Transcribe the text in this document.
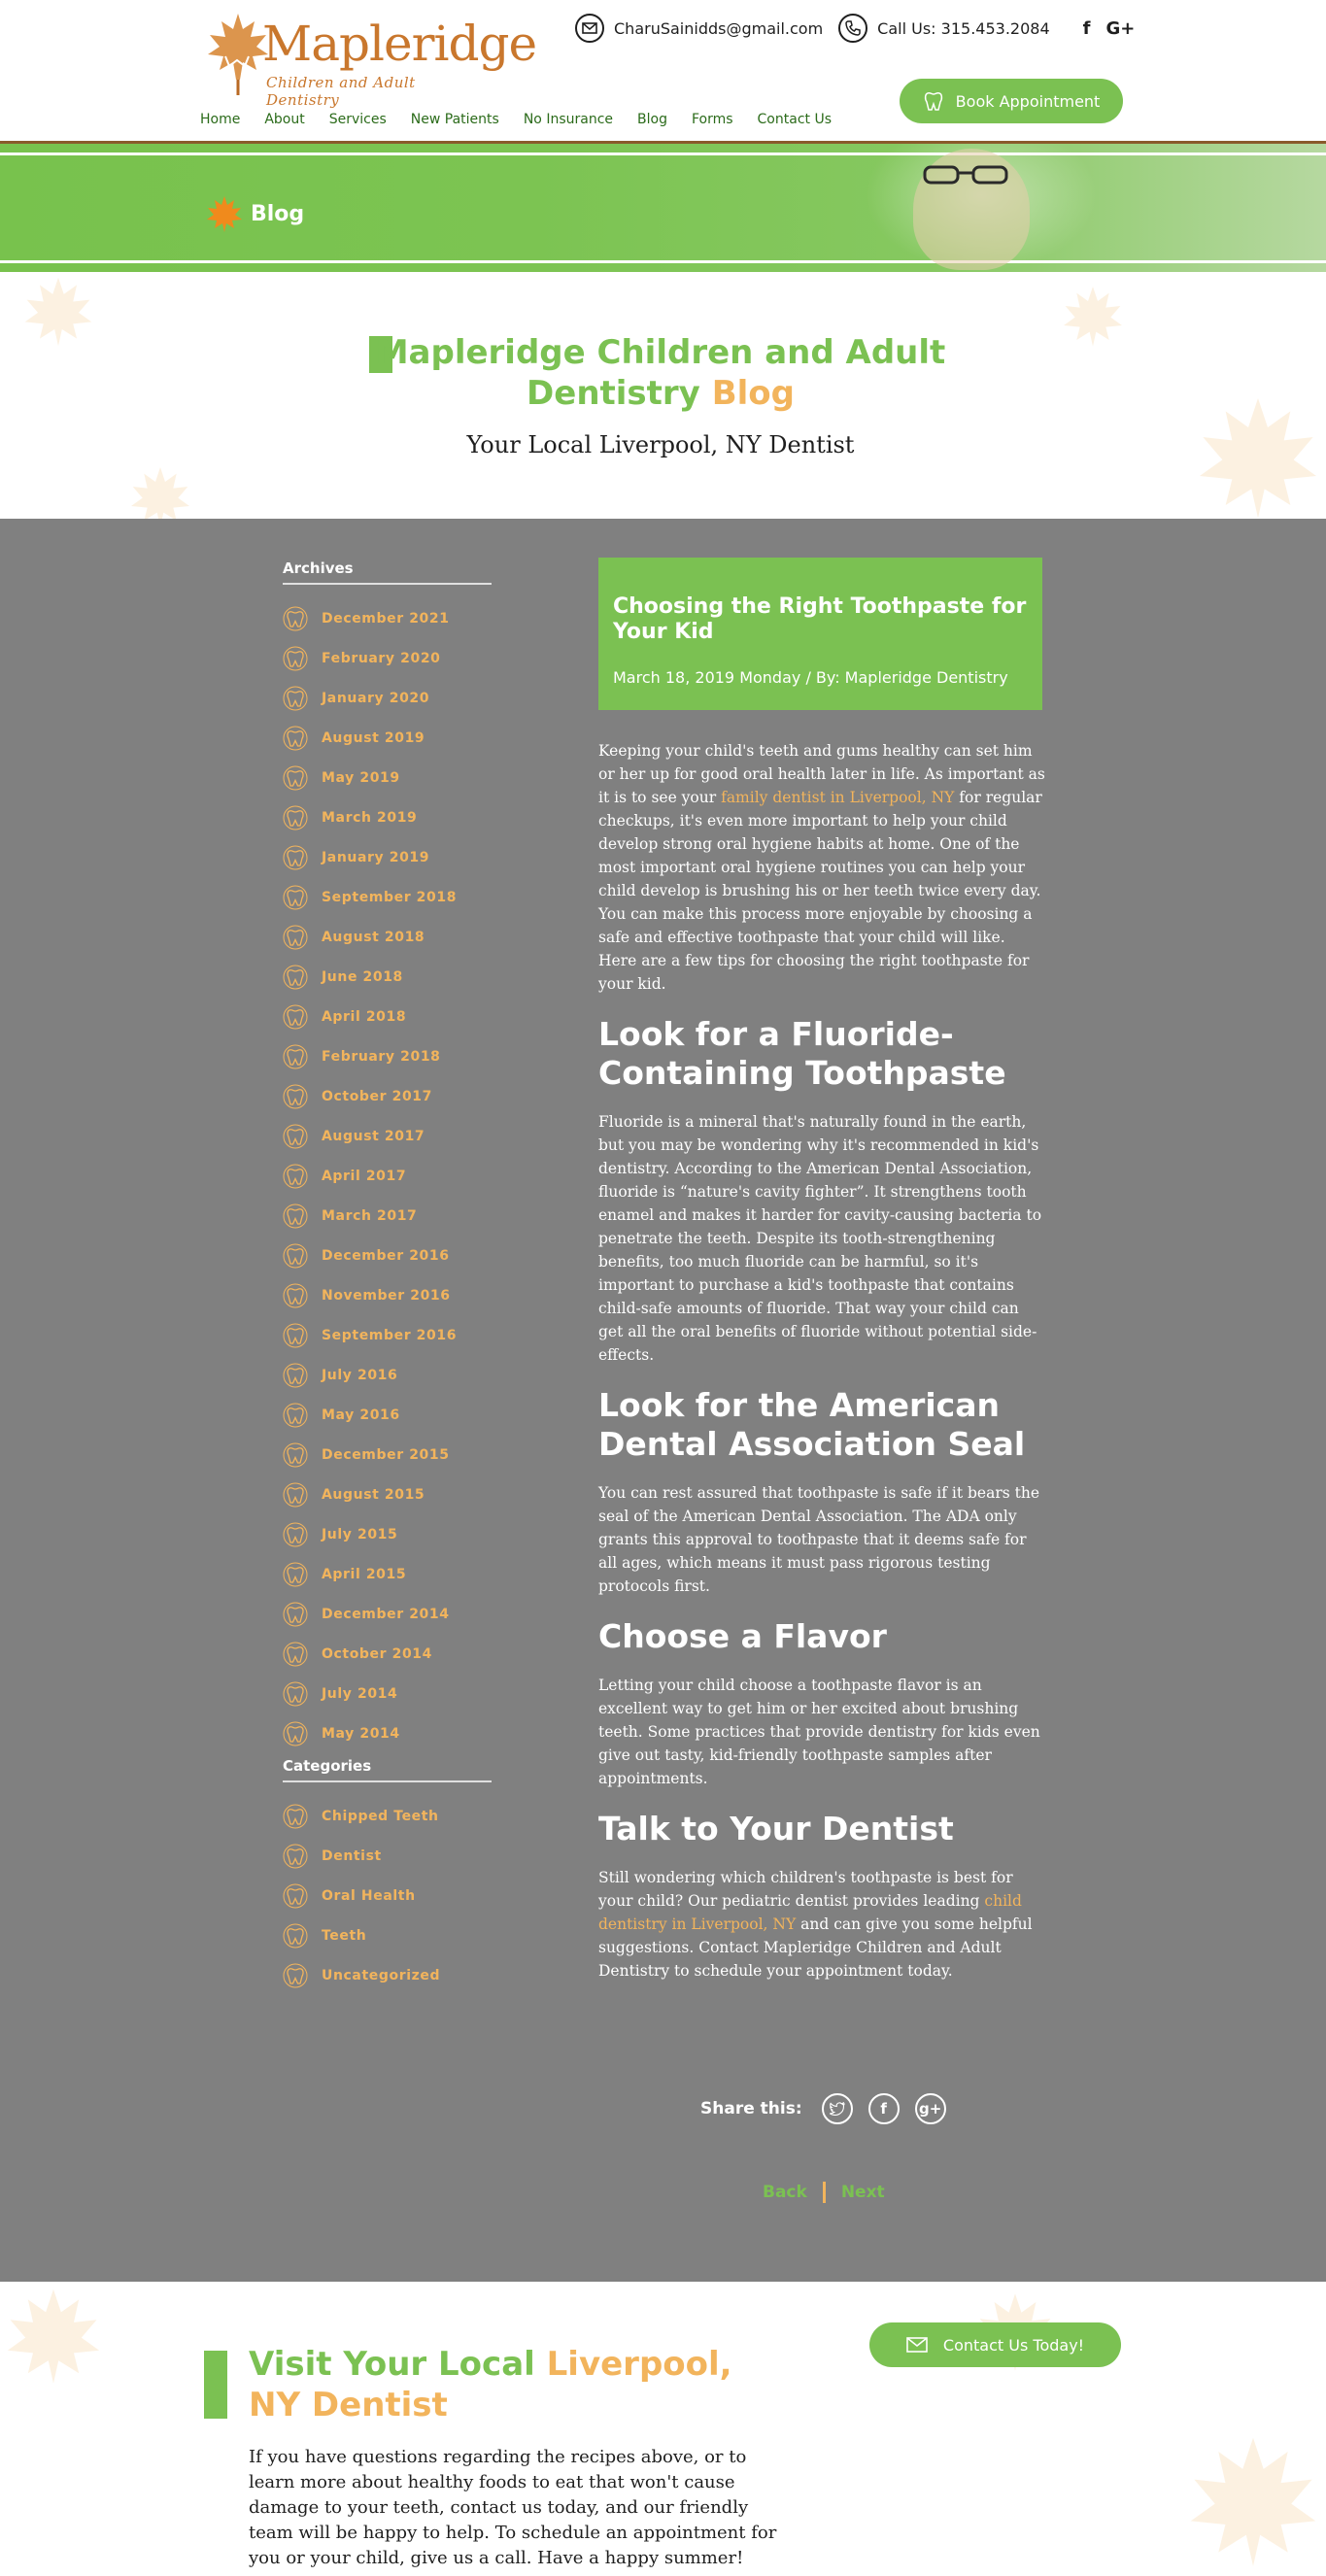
Mapleridge
Children and Adult Dentistry
CharuSainidds@gmail.com	Call Us: 315.453.2084 f G+
Book Appointment
Home About Services New Patients No Insurance Blog Forms Contact Us
Blog
Mapleridge Children and Adult Dentistry Blog
Your Local Liverpool, NY Dentist
Archives
December 2021
February 2020
January 2020
August 2019
May 2019
March 2019
January 2019
September 2018
August 2018
June 2018
April 2018
February 2018
October 2017
August 2017
April 2017
March 2017
December 2016
November 2016
September 2016
July 2016
May 2016
December 2015
August 2015
July 2015
April 2015
December 2014
October 2014
July 2014
May 2014
Categories
Chipped Teeth
Dentist
Oral Health
Teeth
Uncategorized
Choosing the Right Toothpaste for Your Kid
March 18, 2019 Monday / By: Mapleridge Dentistry

Keeping your child's teeth and gums healthy can set him or her up for good oral health later in life. As important as it is to see your family dentist in Liverpool, NY for regular checkups, it's even more important to help your child develop strong oral hygiene habits at home. One of the most important oral hygiene routines you can help your child develop is brushing his or her teeth twice every day. You can make this process more enjoyable by choosing a safe and effective toothpaste that your child will like. Here are a few tips for choosing the right toothpaste for your kid.

Look for a Fluoride-Containing Toothpaste

Fluoride is a mineral that's naturally found in the earth, but you may be wondering why it's recommended in kid's dentistry. According to the American Dental Association, fluoride is “nature's cavity fighter”. It strengthens tooth enamel and makes it harder for cavity-causing bacteria to penetrate the teeth. Despite its tooth-strengthening benefits, too much fluoride can be harmful, so it's important to purchase a kid's toothpaste that contains child-safe amounts of fluoride. That way your child can get all the oral benefits of fluoride without potential side-effects.

Look for the American Dental Association Seal

You can rest assured that toothpaste is safe if it bears the seal of the American Dental Association. The ADA only grants this approval to toothpaste that it deems safe for all ages, which means it must pass rigorous testing protocols first.

Choose a Flavor

Letting your child choose a toothpaste flavor is an excellent way to get him or her excited about brushing teeth. Some practices that provide dentistry for kids even give out tasty, kid-friendly toothpaste samples after appointments.

Talk to Your Dentist

Still wondering which children's toothpaste is best for your child? Our pediatric dentist provides leading child dentistry in Liverpool, NY and can give you some helpful suggestions. Contact Mapleridge Children and Adult Dentistry to schedule your appointment today.

Share this:	f	g+
Back Next
Visit Your Local Liverpool, NY Dentist
If you have questions regarding the recipes above, or to learn more about healthy foods to eat that won't cause damage to your teeth, contact us today, and our friendly team will be happy to help. To schedule an appointment for you or your child, give us a call. Have a happy summer!
Contact Us Today!
